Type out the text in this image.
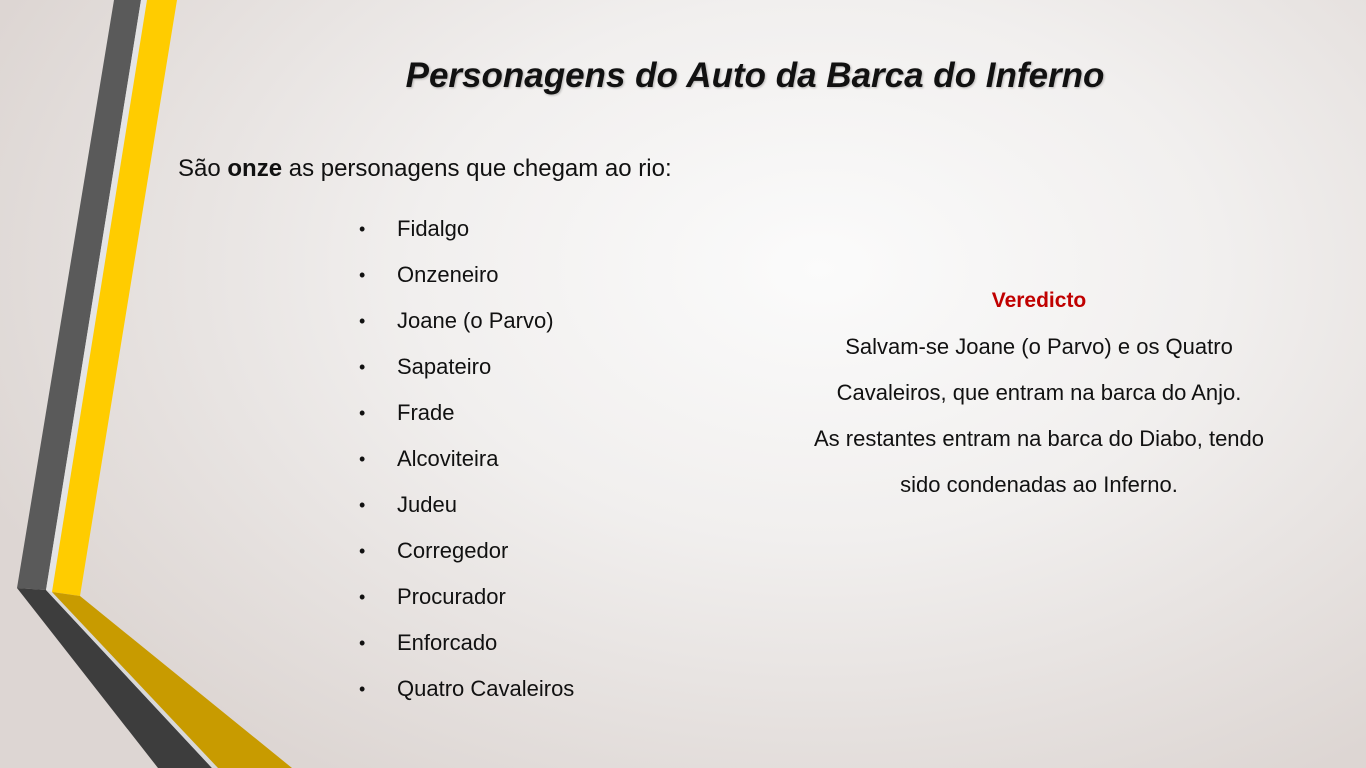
Personagens do Auto da Barca do Inferno
São onze as personagens que chegam ao rio:
• Fidalgo
• Onzeneiro
• Joane (o Parvo)
• Sapateiro
• Frade
• Alcoviteira
• Judeu
• Corregedor
• Procurador
• Enforcado
• Quatro Cavaleiros
Veredicto
Salvam-se Joane (o Parvo) e os Quatro
Cavaleiros, que entram na barca do Anjo.
As restantes entram na barca do Diabo, tendo
sido condenadas ao Inferno.
